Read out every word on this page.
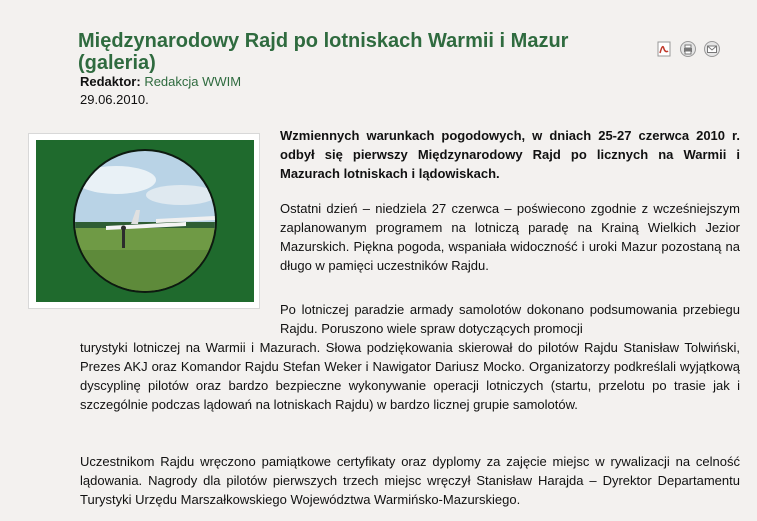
Międzynarodowy Rajd po lotniskach Warmii i Mazur (galeria)
Redaktor: Redakcja WWIM
29.06.2010.

Wzmiennych warunkach pogodowych, w dniach 25-27 czerwca 2010 r. odbył się pierwszy Międzynarodowy Rajd po licznych na Warmii i Mazurach lotniskach i lądowiskach.

Ostatni dzień – niedziela 27 czerwca – poświecono zgodnie z wcześniejszym zaplanowanym programem na lotniczą paradę na Krainą Wielkich Jezior Mazurskich. Piękna pogoda, wspaniała widoczność i uroki Mazur pozostaną na długo w pamięci uczestników Rajdu.

Po lotniczej paradzie armady samolotów dokonano podsumowania przebiegu Rajdu. Poruszono wiele spraw dotyczących promocji

turystyki lotniczej na Warmii i Mazurach. Słowa podziękowania skierował do pilotów Rajdu Stanisław Tolwiński, Prezes AKJ oraz Komandor Rajdu Stefan Weker i Nawigator Dariusz Mocko. Organizatorzy podkreślali wyjątkową dyscyplinę pilotów oraz bardzo bezpieczne wykonywanie operacji lotniczych (startu, przelotu po trasie jak i szczególnie podczas lądowań na lotniskach Rajdu) w bardzo licznej grupie samolotów.

Uczestnikom Rajdu wręczono pamiątkowe certyfikaty oraz dyplomy za zajęcie miejsc w rywalizacji na celność lądowania. Nagrody dla pilotów pierwszych trzech miejsc wręczył Stanisław Harajda – Dyrektor Departamentu Turystyki Urzędu Marszałkowskiego Województwa Warmińsko-Mazurskiego.
